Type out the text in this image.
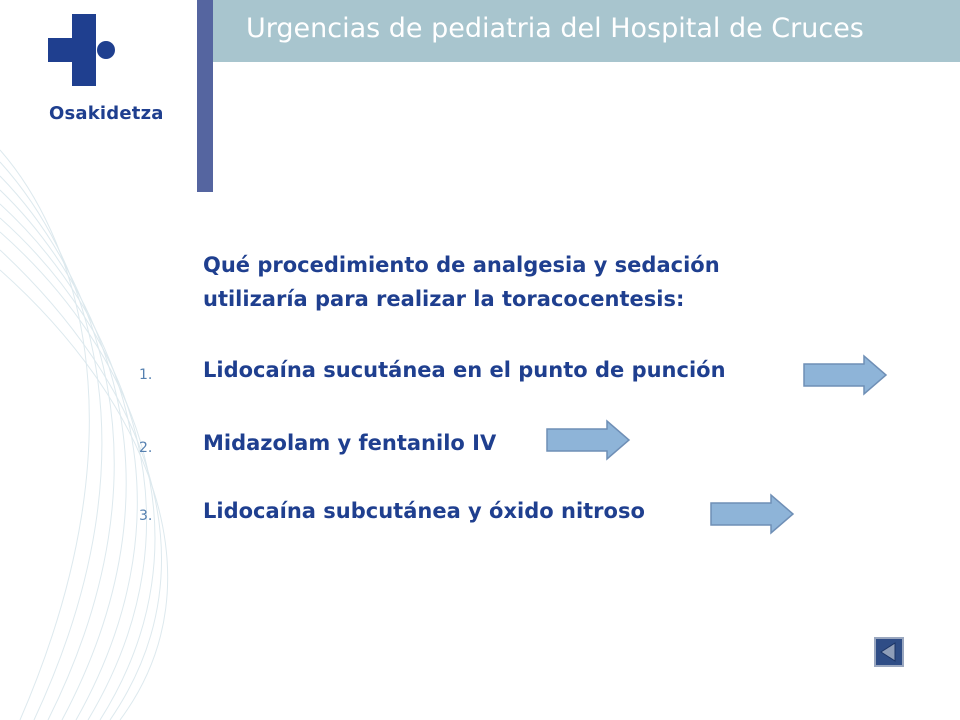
Osakidetza
Urgencias de pediatria del Hospital de Cruces
Qué procedimiento de analgesia y sedación
utilizaría para realizar la toracocentesis:
1. Lidocaína sucutánea en el punto de punción
2. Midazolam y fentanilo IV
3. Lidocaína subcutánea y óxido nitroso
